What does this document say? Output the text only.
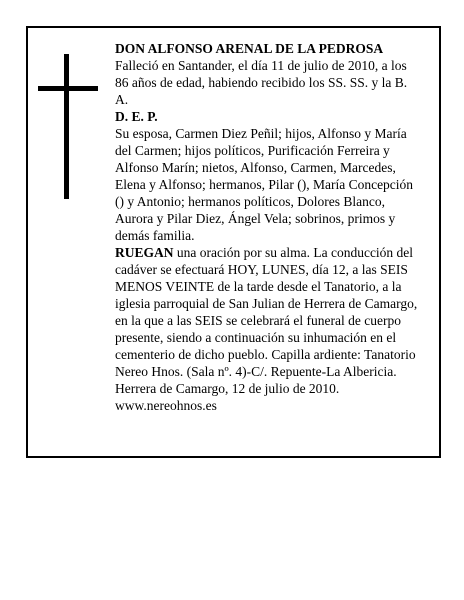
DON ALFONSO ARENAL DE LA PEDROSA

Falleció en Santander, el día 11 de julio de 2010, a los 86 años de edad, habiendo recibido los SS. SS. y la B. A.

D. E. P.

Su esposa, Carmen Diez Peñil; hijos, Alfonso y María del Carmen; hijos políticos, Purificación Ferreira y Alfonso Marín; nietos, Alfonso, Carmen, Marcedes, Elena y Alfonso; hermanos, Pilar (), María Concepción () y Antonio; hermanos políticos, Dolores Blanco, Aurora y Pilar Diez, Ángel Vela; sobrinos, primos y demás familia.

RUEGAN una oración por su alma. La conducción del cadáver se efectuará HOY, LUNES, día 12, a las SEIS MENOS VEINTE de la tarde desde el Tanatorio, a la iglesia parroquial de San Julian de Herrera de Camargo, en la que a las SEIS se celebrará el funeral de cuerpo presente, siendo a continuación su inhumación en el cementerio de dicho pueblo. Capilla ardiente: Tanatorio Nereo Hnos. (Sala nº. 4)-C/. Repuente-La Albericia.

Herrera de Camargo, 12 de julio de 2010.

www.nereohnos.es
